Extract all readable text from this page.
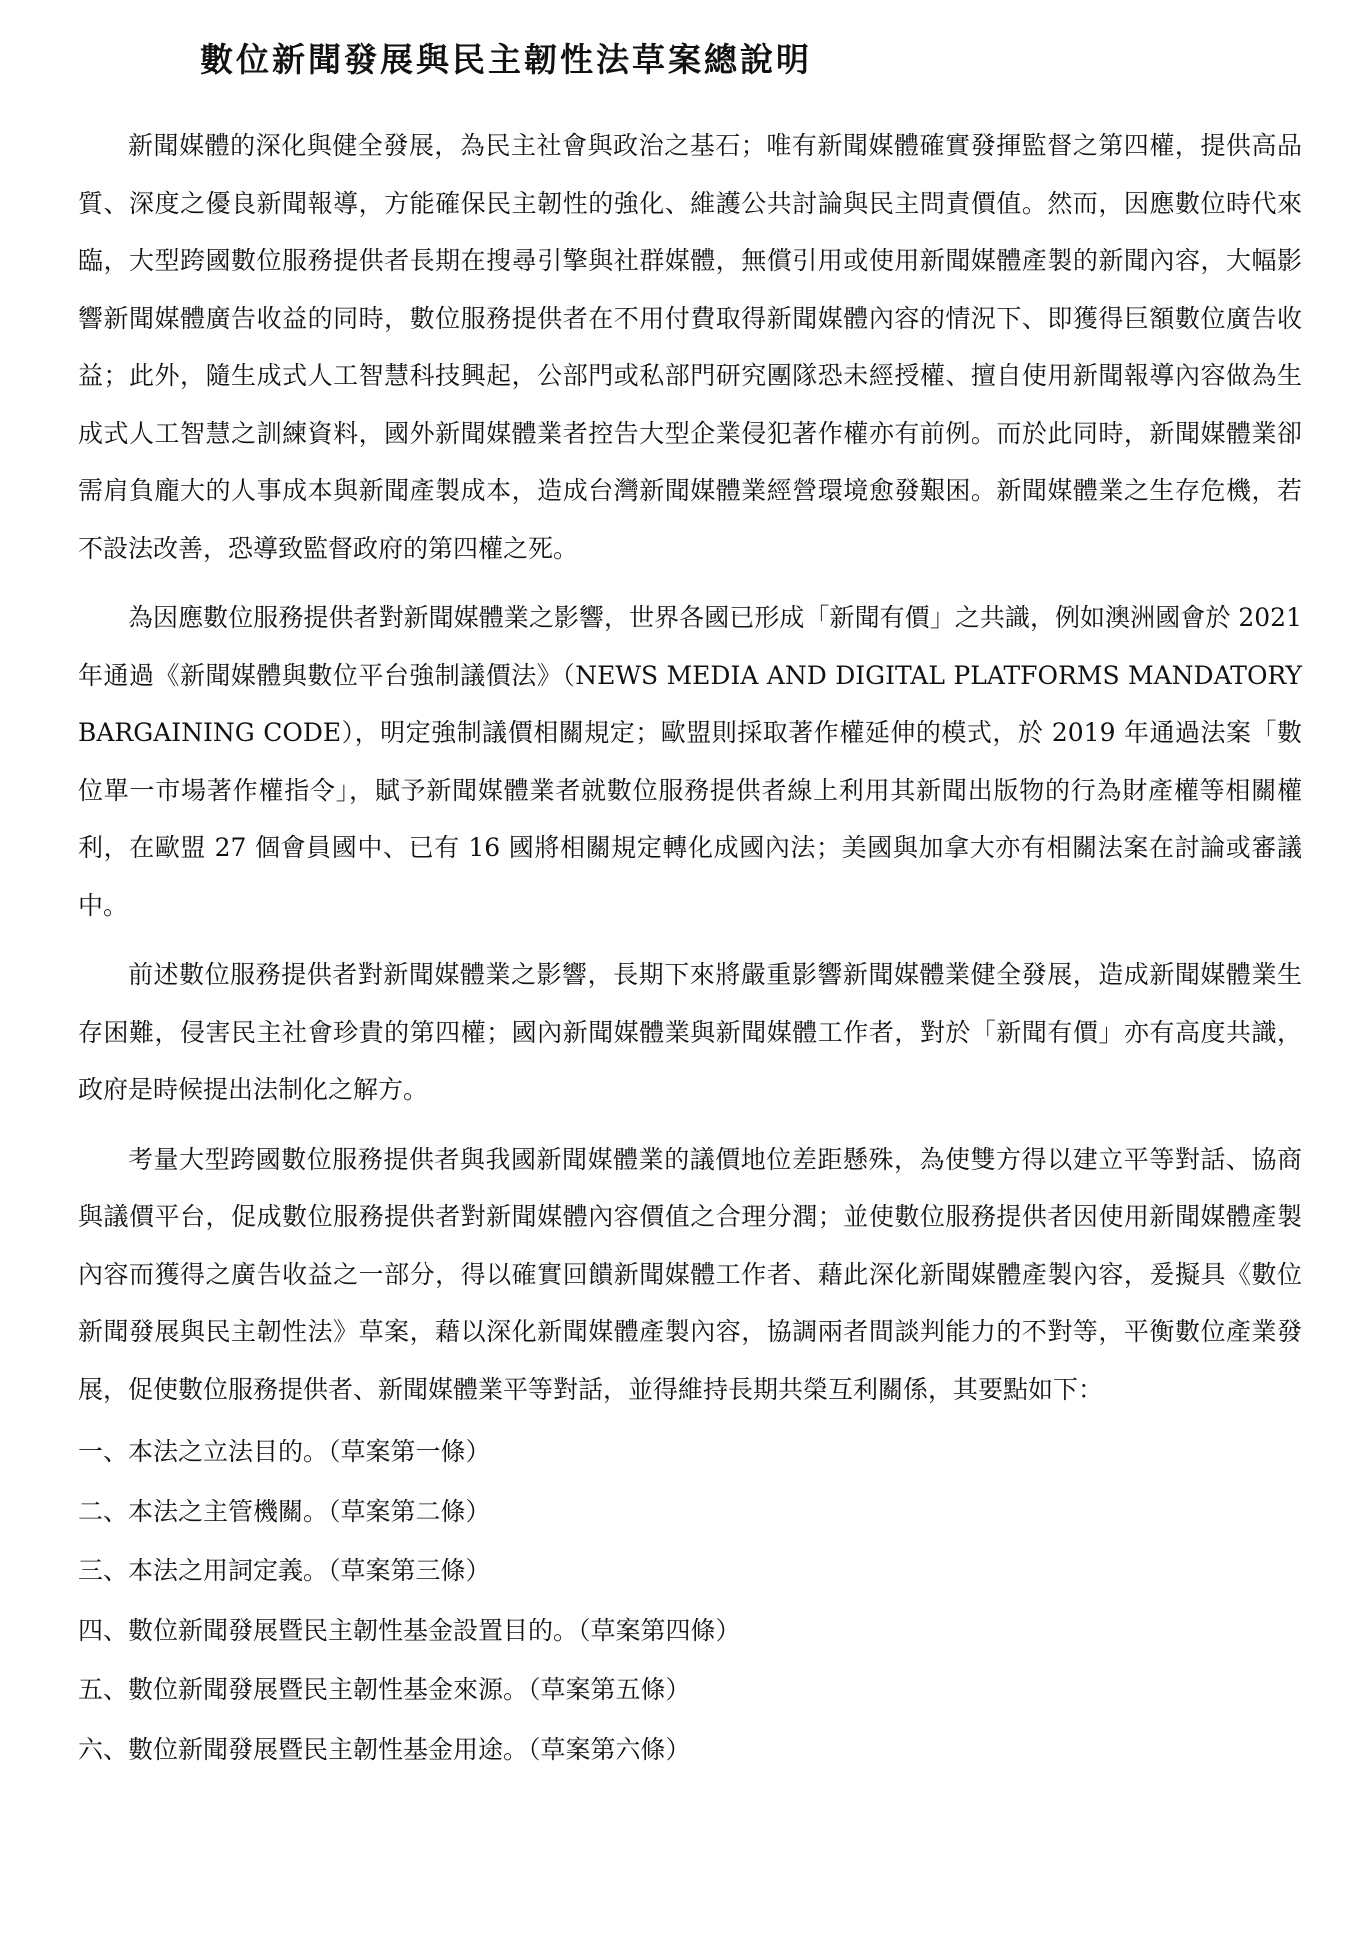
數位新聞發展與民主韌性法草案總說明

新聞媒體的深化與健全發展，為民主社會與政治之基石；唯有新聞媒體確實發揮監督之第四權，提供高品質、深度之優良新聞報導，方能確保民主韌性的強化、維護公共討論與民主問責價值。然而，因應數位時代來臨，大型跨國數位服務提供者長期在搜尋引擎與社群媒體，無償引用或使用新聞媒體產製的新聞內容，大幅影響新聞媒體廣告收益的同時，數位服務提供者在不用付費取得新聞媒體內容的情況下、即獲得巨額數位廣告收益；此外，隨生成式人工智慧科技興起，公部門或私部門研究團隊恐未經授權、擅自使用新聞報導內容做為生成式人工智慧之訓練資料，國外新聞媒體業者控告大型企業侵犯著作權亦有前例。而於此同時，新聞媒體業卻需肩負龐大的人事成本與新聞產製成本，造成台灣新聞媒體業經營環境愈發艱困。新聞媒體業之生存危機，若不設法改善，恐導致監督政府的第四權之死。

為因應數位服務提供者對新聞媒體業之影響，世界各國已形成「新聞有價」之共識，例如澳洲國會於 2021 年通過《新聞媒體與數位平台強制議價法》（NEWS MEDIA AND DIGITAL PLATFORMS MANDATORY BARGAINING CODE），明定強制議價相關規定；歐盟則採取著作權延伸的模式，於 2019 年通過法案「數位單一市場著作權指令」，賦予新聞媒體業者就數位服務提供者線上利用其新聞出版物的行為財產權等相關權利，在歐盟 27 個會員國中、已有 16 國將相關規定轉化成國內法；美國與加拿大亦有相關法案在討論或審議中。

前述數位服務提供者對新聞媒體業之影響，長期下來將嚴重影響新聞媒體業健全發展，造成新聞媒體業生存困難，侵害民主社會珍貴的第四權；國內新聞媒體業與新聞媒體工作者，對於「新聞有價」亦有高度共識，政府是時候提出法制化之解方。

考量大型跨國數位服務提供者與我國新聞媒體業的議價地位差距懸殊，為使雙方得以建立平等對話、協商與議價平台，促成數位服務提供者對新聞媒體內容價值之合理分潤；並使數位服務提供者因使用新聞媒體產製內容而獲得之廣告收益之一部分，得以確實回饋新聞媒體工作者、藉此深化新聞媒體產製內容，爰擬具《數位新聞發展與民主韌性法》草案，藉以深化新聞媒體產製內容，協調兩者間談判能力的不對等，平衡數位產業發展，促使數位服務提供者、新聞媒體業平等對話，並得維持長期共榮互利關係，其要點如下：

一、本法之立法目的。（草案第一條）
二、本法之主管機關。（草案第二條）
三、本法之用詞定義。（草案第三條）
四、數位新聞發展暨民主韌性基金設置目的。（草案第四條）
五、數位新聞發展暨民主韌性基金來源。（草案第五條）
六、數位新聞發展暨民主韌性基金用途。（草案第六條）
